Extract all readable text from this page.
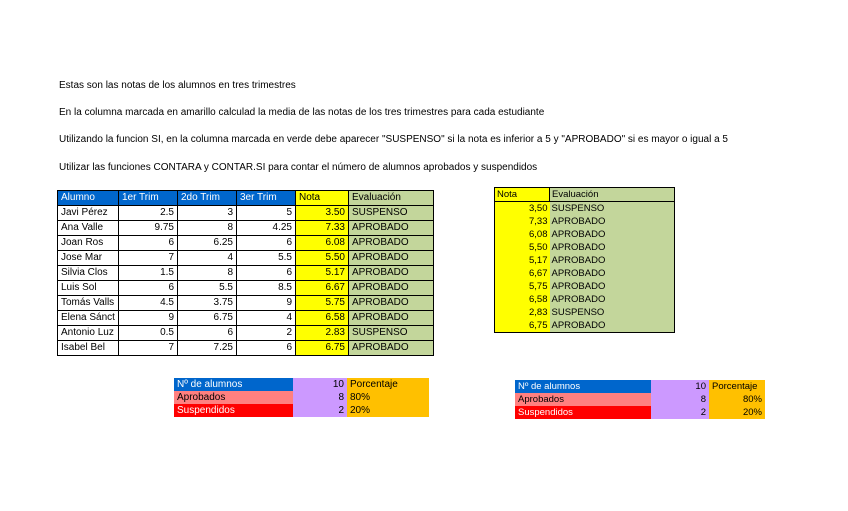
Estas son las notas de los alumnos en tres trimestres
En la columna marcada en amarillo calculad la media de las notas de los tres trimestres para cada estudiante
Utilizando la funcion SI, en la columna marcada en verde debe aparecer "SUSPENSO" si la nota es inferior a 5 y "APROBADO" si es mayor o igual a 5
Utilizar las funciones CONTARA y CONTAR.SI para contar el número de alumnos aprobados y suspendidos
Alumno	1er Trim	2do Trim	3er Trim	Nota	Evaluación
Javi Pérez	2.5	3	5	3.50	SUSPENSO
Ana Valle	9.75	8	4.25	7.33	APROBADO
Joan Ros	6	6.25	6	6.08	APROBADO
Jose Mar	7	4	5.5	5.50	APROBADO
Silvia Clos	1.5	8	6	5.17	APROBADO
Luis Sol	6	5.5	8.5	6.67	APROBADO
Tomás Valls	4.5	3.75	9	5.75	APROBADO
Elena Sánct	9	6.75	4	6.58	APROBADO
Antonio Luz	0.5	6	2	2.83	SUSPENSO
Isabel Bel	7	7.25	6	6.75	APROBADO
Nota	Evaluación
3,50	SUSPENSO
7,33	APROBADO
6,08	APROBADO
5,50	APROBADO
5,17	APROBADO
6,67	APROBADO
5,75	APROBADO
6,58	APROBADO
2,83	SUSPENSO
6,75	APROBADO
Nº de alumnos	10	Porcentaje
Aprobados	8	80%
Suspendidos	2	20%
Nº de alumnos	10	Porcentaje
Aprobados	8	80%
Suspendidos	2	20%
